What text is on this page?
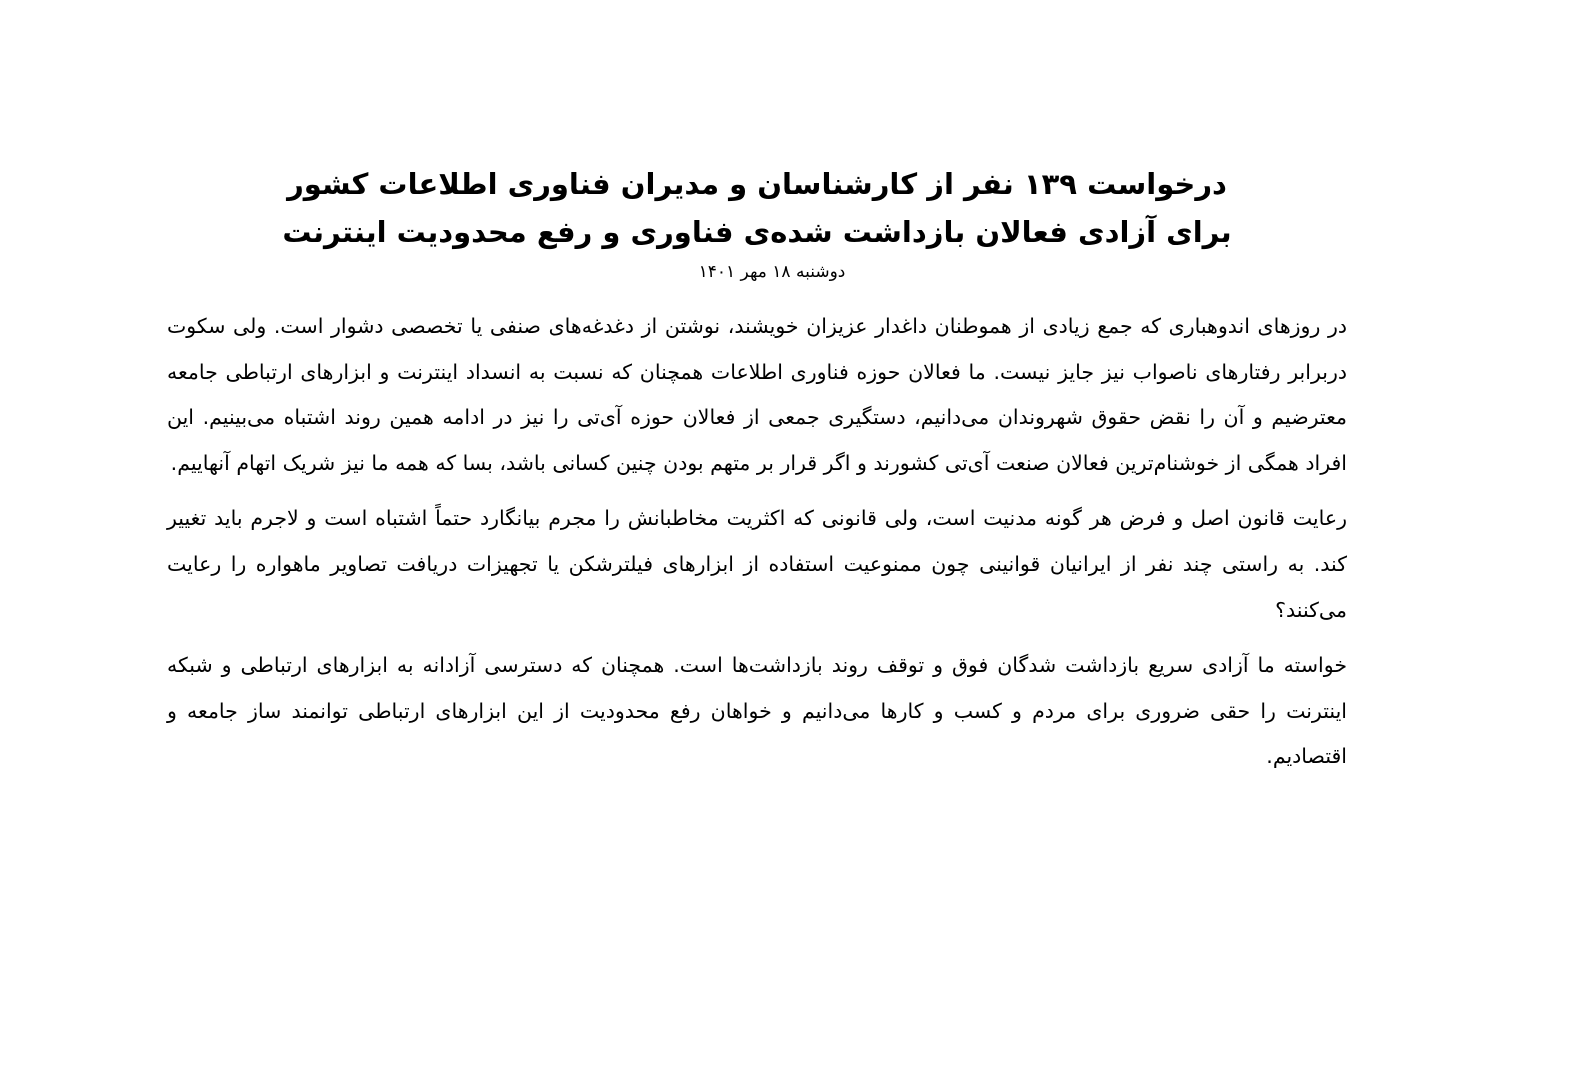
درخواست ۱۳۹ نفر از کارشناسان و مدیران فناوری اطلاعات کشور
برای آزادی فعالان بازداشت شده‌ی فناوری و رفع محدودیت اینترنت
دوشنبه ۱۸ مهر ۱۴۰۱

در روزهای اندوهباری که جمع زیادی از هموطنان داغدار عزیزان خویشند، نوشتن از دغدغه‌های صنفی یا تخصصی دشوار است. ولی سکوت دربرابر رفتارهای ناصواب نیز جایز نیست. ما فعالان حوزه فناوری اطلاعات همچنان که نسبت به انسداد اینترنت و ابزارهای ارتباطی جامعه معترضیم و آن را نقض حقوق شهروندان می‌دانیم، دستگیری جمعی از فعالان حوزه آی‌تی را نیز در ادامه همین روند اشتباه می‌بینیم. این افراد همگی از خوشنام‌ترین فعالان صنعت آی‌تی کشورند و اگر قرار بر متهم بودن چنین کسانی باشد، بسا که همه ما نیز شریک اتهام آنهاییم.

رعایت قانون اصل و فرض هر گونه مدنیت است، ولی قانونی که اکثریت مخاطبانش را مجرم بیانگارد حتماً اشتباه است و لاجرم باید تغییر کند. به راستی چند نفر از ایرانیان قوانینی چون ممنوعیت استفاده از ابزارهای فیلترشکن یا تجهیزات دریافت تصاویر ماهواره را رعایت می‌کنند؟

خواسته ما آزادی سریع بازداشت شدگان فوق و توقف روند بازداشت‌ها است. همچنان که دسترسی آزادانه به ابزارهای ارتباطی و شبکه اینترنت را حقی ضروری برای مردم و کسب و کارها می‌دانیم و خواهان رفع محدودیت از این ابزارهای ارتباطی توانمند ساز جامعه و اقتصادیم.
